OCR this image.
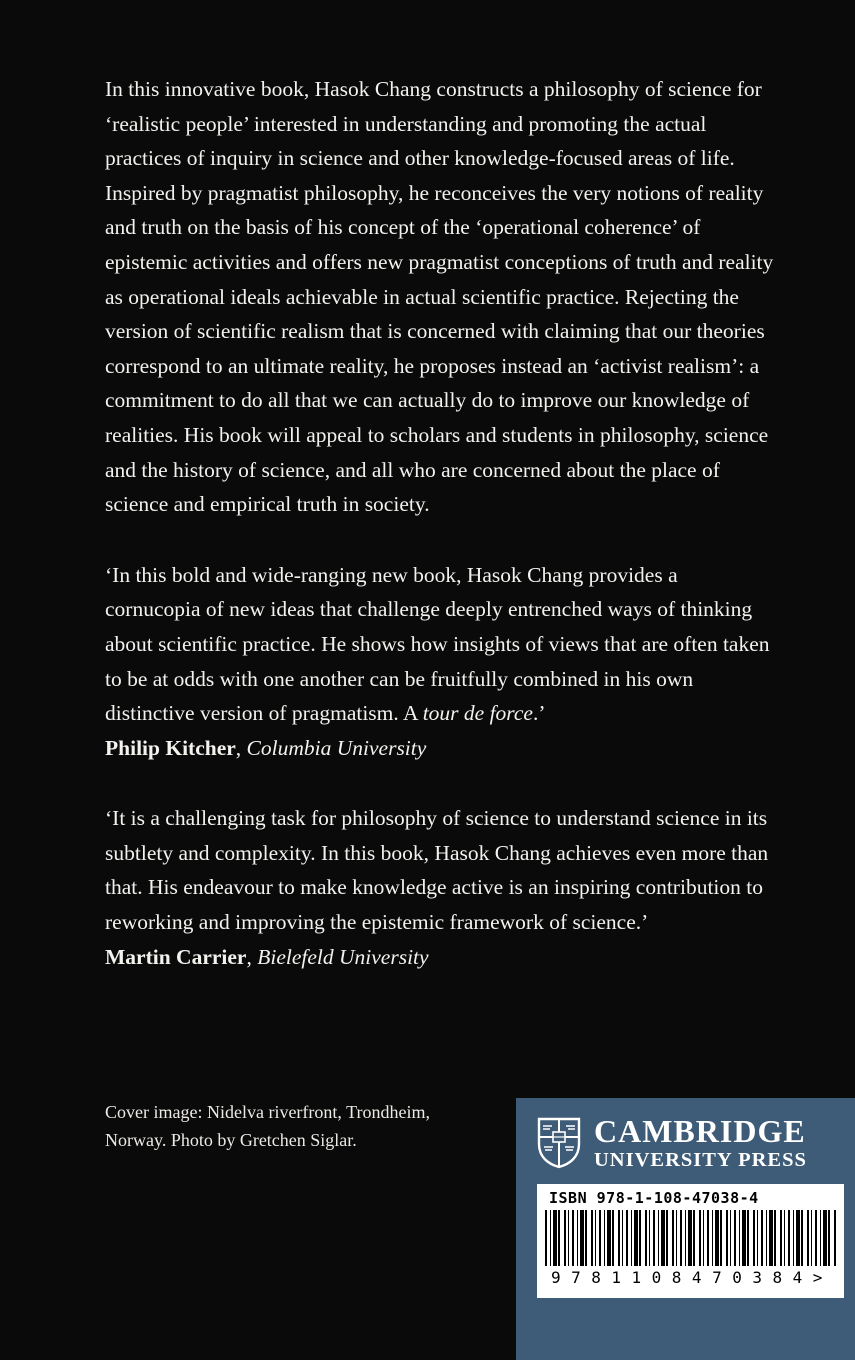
In this innovative book, Hasok Chang constructs a philosophy of science for ‘realistic people’ interested in understanding and promoting the actual practices of inquiry in science and other knowledge-focused areas of life. Inspired by pragmatist philosophy, he reconceives the very notions of reality and truth on the basis of his concept of the ‘operational coherence’ of epistemic activities and offers new pragmatist conceptions of truth and reality as operational ideals achievable in actual scientific practice. Rejecting the version of scientific realism that is concerned with claiming that our theories correspond to an ultimate reality, he proposes instead an ‘activist realism’: a commitment to do all that we can actually do to improve our knowledge of realities. His book will appeal to scholars and students in philosophy, science and the history of science, and all who are concerned about the place of science and empirical truth in society.

‘In this bold and wide-ranging new book, Hasok Chang provides a cornucopia of new ideas that challenge deeply entrenched ways of thinking about scientific practice. He shows how insights of views that are often taken to be at odds with one another can be fruitfully combined in his own distinctive version of pragmatism. A tour de force.’

Philip Kitcher, Columbia University

‘It is a challenging task for philosophy of science to understand science in its subtlety and complexity. In this book, Hasok Chang achieves even more than that. His endeavour to make knowledge active is an inspiring contribution to reworking and improving the epistemic framework of science.’

Martin Carrier, Bielefeld University

Cover image: Nidelva riverfront, Trondheim, Norway. Photo by Gretchen Siglar.	CAMBRIDGE
UNIVERSITY PRESS
ISBN 978-1-108-47038-4
9781108470384>
